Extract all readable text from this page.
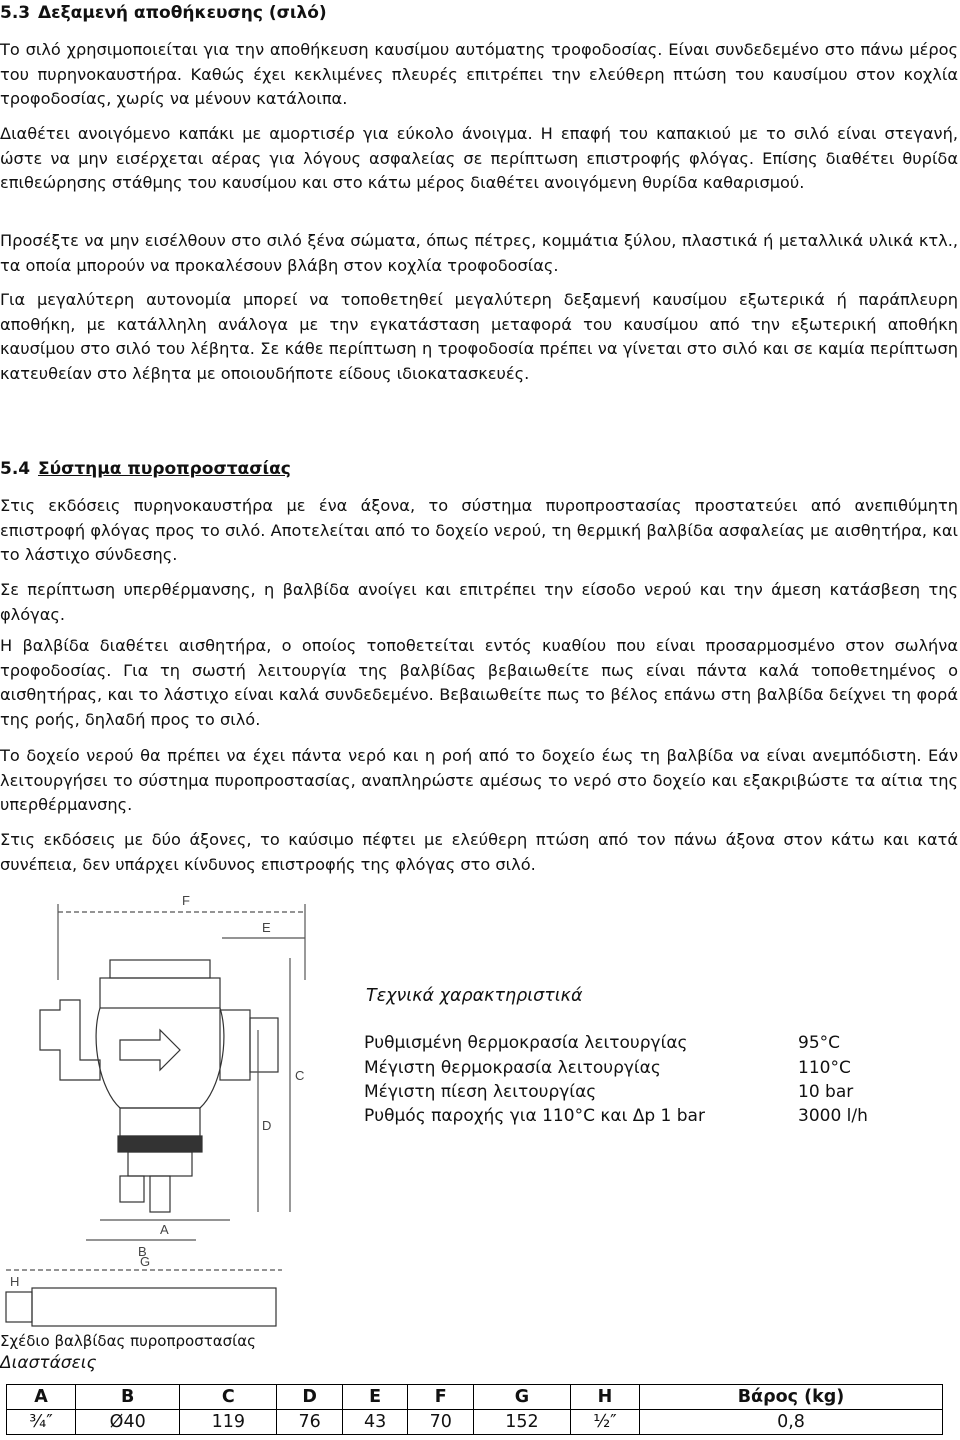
5.3 Δεξαμενή αποθήκευσης (σιλό)

Το σιλό χρησιμοποιείται για την αποθήκευση καυσίμου αυτόματης τροφοδοσίας. Είναι συνδεδεμένο στο πάνω μέρος του πυρηνοκαυστήρα. Καθώς έχει κεκλιμένες πλευρές επιτρέπει την ελεύθερη πτώση του καυσίμου στον κοχλία τροφοδοσίας, χωρίς να μένουν κατάλοιπα.

Διαθέτει ανοιγόμενο καπάκι με αμορτισέρ για εύκολο άνοιγμα. Η επαφή του καπακιού με το σιλό είναι στεγανή, ώστε να μην εισέρχεται αέρας για λόγους ασφαλείας σε περίπτωση επιστροφής φλόγας. Επίσης διαθέτει θυρίδα επιθεώρησης στάθμης του καυσίμου και στο κάτω μέρος διαθέτει ανοιγόμενη θυρίδα καθαρισμού.

Προσέξτε να μην εισέλθουν στο σιλό ξένα σώματα, όπως πέτρες, κομμάτια ξύλου, πλαστικά ή μεταλλικά υλικά κτλ., τα οποία μπορούν να προκαλέσουν βλάβη στον κοχλία τροφοδοσίας.

Για μεγαλύτερη αυτονομία μπορεί να τοποθετηθεί μεγαλύτερη δεξαμενή καυσίμου εξωτερικά ή παράπλευρη αποθήκη, με κατάλληλη ανάλογα με την εγκατάσταση μεταφορά του καυσίμου από την εξωτερική αποθήκη καυσίμου στο σιλό του λέβητα. Σε κάθε περίπτωση η τροφοδοσία πρέπει να γίνεται στο σιλό και σε καμία περίπτωση κατευθείαν στο λέβητα με οποιουδήποτε είδους ιδιοκατασκευές.

5.4 Σύστημα πυροπροστασίας

Στις εκδόσεις πυρηνοκαυστήρα με ένα άξονα, το σύστημα πυροπροστασίας προστατεύει από ανεπιθύμητη επιστροφή φλόγας προς το σιλό. Αποτελείται από το δοχείο νερού, τη θερμική βαλβίδα ασφαλείας με αισθητήρα, και το λάστιχο σύνδεσης.

Σε περίπτωση υπερθέρμανσης, η βαλβίδα ανοίγει και επιτρέπει την είσοδο νερού και την άμεση κατάσβεση της φλόγας.

Η βαλβίδα διαθέτει αισθητήρα, ο οποίος τοποθετείται εντός κυαθίου που είναι προσαρμοσμένο στον σωλήνα τροφοδοσίας. Για τη σωστή λειτουργία της βαλβίδας βεβαιωθείτε πως είναι πάντα καλά τοποθετημένος ο αισθητήρας, και το λάστιχο είναι καλά συνδεδεμένο. Βεβαιωθείτε πως το βέλος επάνω στη βαλβίδα δείχνει τη φορά της ροής, δηλαδή προς το σιλό.

Το δοχείο νερού θα πρέπει να έχει πάντα νερό και η ροή από το δοχείο έως τη βαλβίδα να είναι ανεμπόδιστη. Εάν λειτουργήσει το σύστημα πυροπροστασίας, αναπληρώστε αμέσως το νερό στο δοχείο και εξακριβώστε τα αίτια της υπερθέρμανσης.

Στις εκδόσεις με δύο άξονες, το καύσιμο πέφτει με ελεύθερη πτώση από τον πάνω άξονα στον κάτω και κατά συνέπεια, δεν υπάρχει κίνδυνος επιστροφής της φλόγας στο σιλό.

F
E
C
D
A
B
G
H
Τεχνικά χαρακτηριστικά
Ρυθμισμένη θερμοκρασία λειτουργίας	95°C
Μέγιστη θερμοκρασία λειτουργίας	110°C
Μέγιστη πίεση λειτουργίας	10 bar
Ρυθμός παροχής για 110°C και Δp 1 bar	3000 l/h
Σχέδιο βαλβίδας πυροπροστασίας
Διαστάσεις
A	B	C	D	E	F	G	H	Βάρος (kg)
¾″	Ø40	119	76	43	70	152	½″	0,8
